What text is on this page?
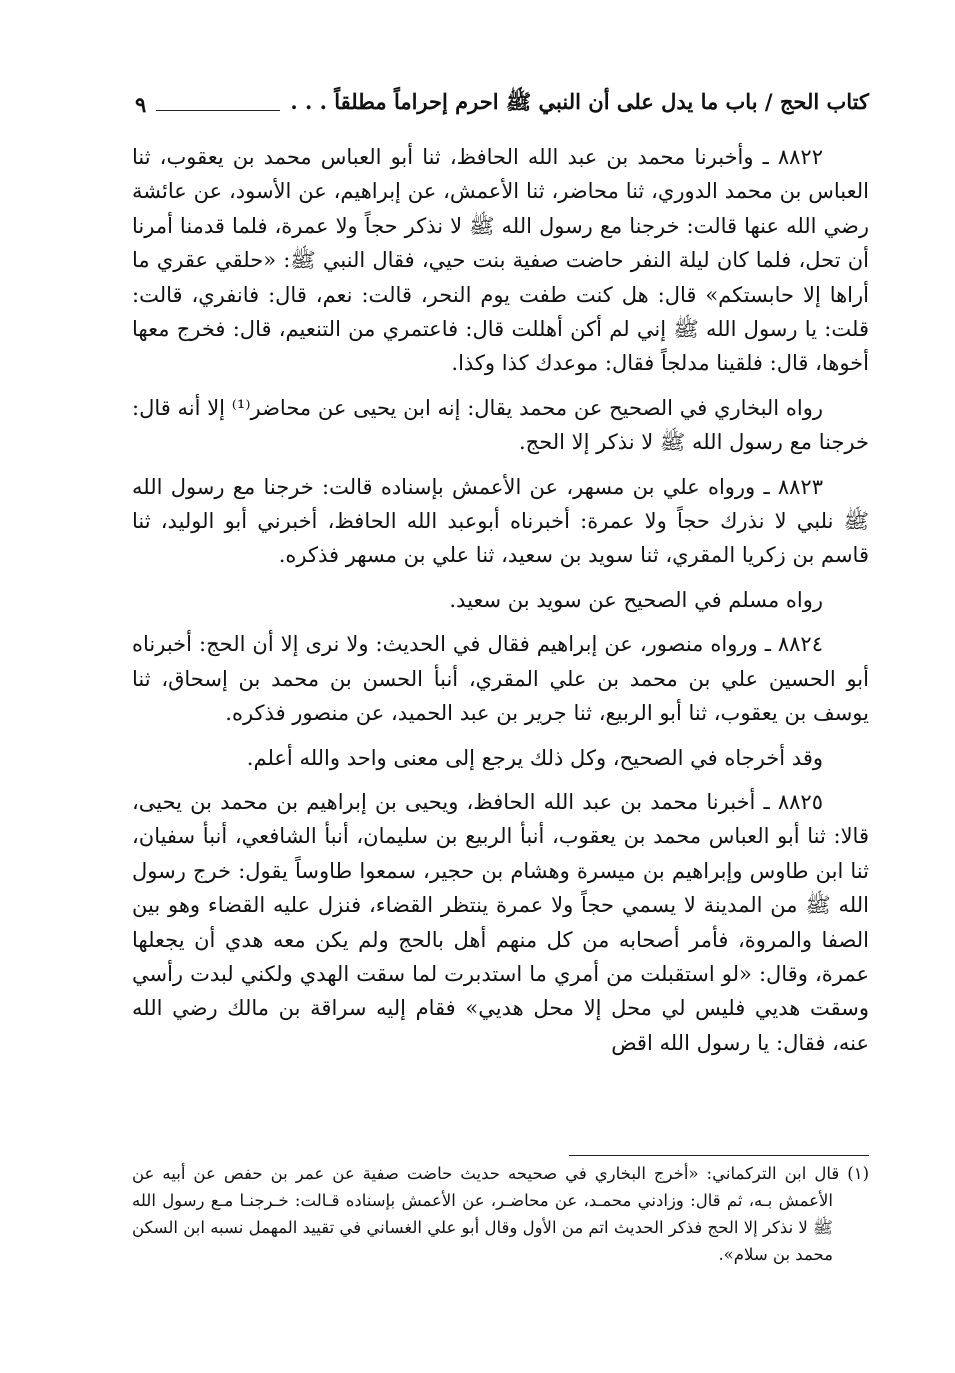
كتاب الحج / باب ما يدل على أن النبي ﷺ احرم إحراماً مطلقاً . . .
٩

٨٨٢٢ ـ وأخبرنا محمد بن عبد الله الحافظ، ثنا أبو العباس محمد بن يعقوب، ثنا العباس بن محمد الدوري، ثنا محاضر، ثنا الأعمش، عن إبراهيم، عن الأسود، عن عائشة رضي الله عنها قالت: خرجنا مع رسول الله ﷺ لا نذكر حجاً ولا عمرة، فلما قدمنا أمرنا أن تحل، فلما كان ليلة النفر حاضت صفية بنت حيي، فقال النبي ﷺ: «حلقي عقري ما أراها إلا حابستكم» قال: هل كنت طفت يوم النحر، قالت: نعم، قال: فانفري، قالت: قلت: يا رسول الله ﷺ إني لم أكن أهللت قال: فاعتمري من التنعيم، قال: فخرج معها أخوها، قال: فلقينا مدلجاً فقال: موعدك كذا وكذا.

رواه البخاري في الصحيح عن محمد يقال: إنه ابن يحيى عن محاضر⁽¹⁾ إلا أنه قال: خرجنا مع رسول الله ﷺ لا نذكر إلا الحج.

٨٨٢٣ ـ ورواه علي بن مسهر، عن الأعمش بإسناده قالت: خرجنا مع رسول الله ﷺ نلبي لا نذرك حجاً ولا عمرة: أخبرناه أبوعبد الله الحافظ، أخبرني أبو الوليد، ثنا قاسم بن زكريا المقري، ثنا سويد بن سعيد، ثنا علي بن مسهر فذكره.

رواه مسلم في الصحيح عن سويد بن سعيد.

٨٨٢٤ ـ ورواه منصور، عن إبراهيم فقال في الحديث: ولا نرى إلا أن الحج: أخبرناه أبو الحسين علي بن محمد بن علي المقري، أنبأ الحسن بن محمد بن إسحاق، ثنا يوسف بن يعقوب، ثنا أبو الربيع، ثنا جرير بن عبد الحميد، عن منصور فذكره.

وقد أخرجاه في الصحيح، وكل ذلك يرجع إلى معنى واحد والله أعلم.

٨٨٢٥ ـ أخبرنا محمد بن عبد الله الحافظ، ويحيى بن إبراهيم بن محمد بن يحيى، قالا: ثنا أبو العباس محمد بن يعقوب، أنبأ الربيع بن سليمان، أنبأ الشافعي، أنبأ سفيان، ثنا ابن طاوس وإبراهيم بن ميسرة وهشام بن حجير، سمعوا طاوساً يقول: خرج رسول الله ﷺ من المدينة لا يسمي حجاً ولا عمرة ينتظر القضاء، فنزل عليه القضاء وهو بين الصفا والمروة، فأمر أصحابه من كل منهم أهل بالحج ولم يكن معه هدي أن يجعلها عمرة، وقال: «لو استقبلت من أمري ما استدبرت لما سقت الهدي ولكني لبدت رأسي وسقت هديي فليس لي محل إلا محل هديي» فقام إليه سراقة بن مالك رضي الله عنه، فقال: يا رسول الله اقض

(١) قال ابن التركماني: «أخرج البخاري في صحيحه حديث حاضت صفية عن عمر بن حفص عن أبيه عن الأعمش بـه، ثم قال: وزادني محمـد، عن محاضـر، عن الأعمش بإسناده قـالت: خـرجنـا مـع رسول الله ﷺ لا نذكر إلا الحج فذكر الحديث اتم من الأول وقال أبو علي الغساني في تقييد المهمل نسبه ابن السكن محمد بن سلام».
